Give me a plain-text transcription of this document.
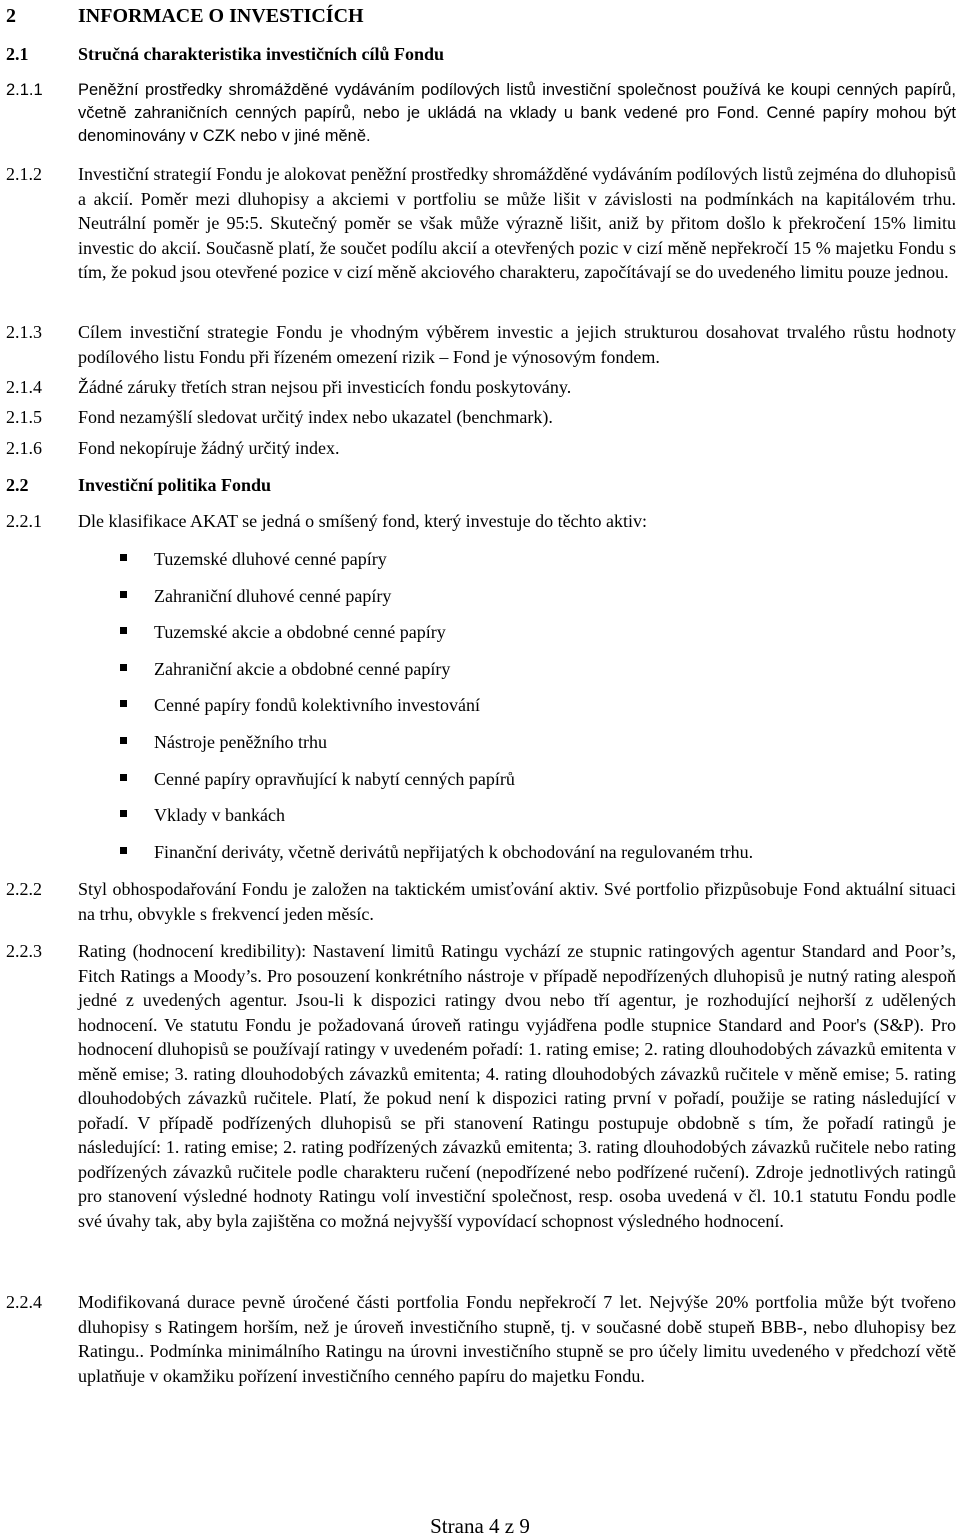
2	INFORMACE O INVESTICÍCH
2.1	Stručná charakteristika investičních cílů Fondu
2.1.1	Peněžní prostředky shromážděné vydáváním podílových listů investiční společnost používá ke koupi cenných papírů, včetně zahraničních cenných papírů, nebo je ukládá na vklady u bank vedené pro Fond. Cenné papíry mohou být denominovány v CZK nebo v jiné měně.
2.1.2	Investiční strategií Fondu je alokovat peněžní prostředky shromážděné vydáváním podílových listů zejména do dluhopisů a akcií. Poměr mezi dluhopisy a akciemi v portfoliu se může lišit v závislosti na podmínkách na kapitálovém trhu. Neutrální poměr je 95:5. Skutečný poměr se však může výrazně lišit, aniž by přitom došlo k překročení 15% limitu investic do akcií. Současně platí, že součet podílu akcií a otevřených pozic v cizí měně nepřekročí 15 % majetku Fondu s tím, že pokud jsou otevřené pozice v cizí měně akciového charakteru, započítávají se do uvedeného limitu pouze jednou.
2.1.3	Cílem investiční strategie Fondu je vhodným výběrem investic a jejich strukturou dosahovat trvalého růstu hodnoty podílového listu Fondu při řízeném omezení rizik – Fond je výnosovým fondem.
2.1.4	Žádné záruky třetích stran nejsou při investicích fondu poskytovány.
2.1.5	Fond nezamýšlí sledovat určitý index nebo ukazatel (benchmark).
2.1.6	Fond nekopíruje žádný určitý index.
2.2	Investiční politika Fondu
2.2.1	Dle klasifikace AKAT se jedná o smíšený fond, který investuje do těchto aktiv:
Tuzemské dluhové cenné papíry
Zahraniční dluhové cenné papíry
Tuzemské akcie a obdobné cenné papíry
Zahraniční akcie a obdobné cenné papíry
Cenné papíry fondů kolektivního investování
Nástroje peněžního trhu
Cenné papíry opravňující k nabytí cenných papírů
Vklady v bankách
Finanční deriváty, včetně derivátů nepřijatých k obchodování na regulovaném trhu.
2.2.2	Styl obhospodařování Fondu je založen na taktickém umisťování aktiv. Své portfolio přizpůsobuje Fond aktuální situaci na trhu, obvykle s frekvencí jeden měsíc.
2.2.3	Rating (hodnocení kredibility): Nastavení limitů Ratingu vychází ze stupnic ratingových agentur Standard and Poor’s, Fitch Ratings a Moody’s. Pro posouzení konkrétního nástroje v případě nepodřízených dluhopisů je nutný rating alespoň jedné z uvedených agentur. Jsou-li k dispozici ratingy dvou nebo tří agentur, je rozhodující nejhorší z udělených hodnocení. Ve statutu Fondu je požadovaná úroveň ratingu vyjádřena podle stupnice Standard and Poor's (S&P). Pro hodnocení dluhopisů se používají ratingy v uvedeném pořadí: 1. rating emise; 2. rating dlouhodobých závazků emitenta v měně emise; 3. rating dlouhodobých závazků emitenta; 4. rating dlouhodobých závazků ručitele v měně emise; 5. rating dlouhodobých závazků ručitele. Platí, že pokud není k dispozici rating první v pořadí, použije se rating následující v pořadí. V případě podřízených dluhopisů se při stanovení Ratingu postupuje obdobně s tím, že pořadí ratingů je následující: 1. rating emise; 2. rating podřízených závazků emitenta; 3. rating dlouhodobých závazků ručitele nebo rating podřízených závazků ručitele podle charakteru ručení (nepodřízené nebo podřízené ručení). Zdroje jednotlivých ratingů pro stanovení výsledné hodnoty Ratingu volí investiční společnost, resp. osoba uvedená v čl. 10.1 statutu Fondu podle své úvahy tak, aby byla zajištěna co možná nejvyšší vypovídací schopnost výsledného hodnocení.
2.2.4	Modifikovaná durace pevně úročené části portfolia Fondu nepřekročí 7 let. Nejvýše 20% portfolia může být tvořeno dluhopisy s Ratingem horším, než je úroveň investičního stupně, tj. v současné době stupeň BBB-, nebo dluhopisy bez Ratingu.. Podmínka minimálního Ratingu na úrovni investičního stupně se pro účely limitu uvedeného v předchozí větě uplatňuje v okamžiku pořízení investičního cenného papíru do majetku Fondu.
Strana 4 z 9
